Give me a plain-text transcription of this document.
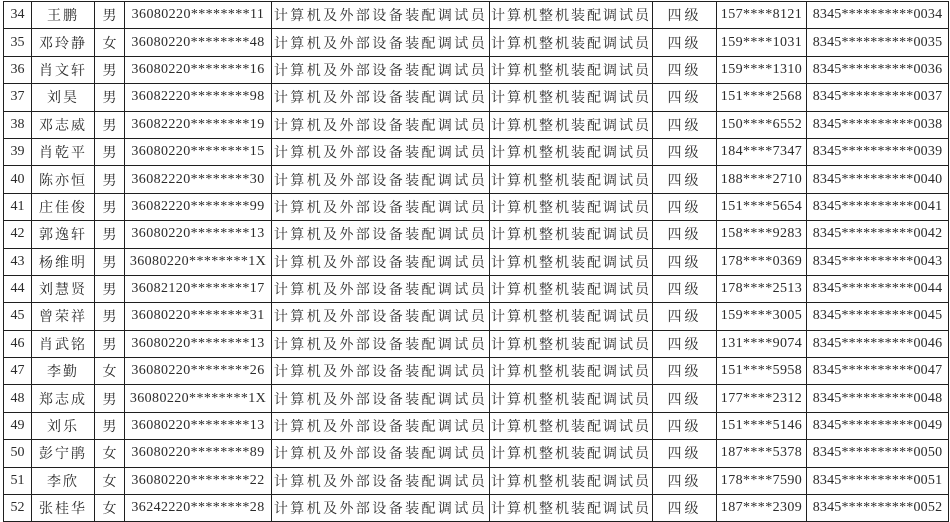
34	王鹏	男	36080220********11	计算机及外部设备装配调试员	计算机整机装配调试员	四级	157****8121	8345**********0034
35	邓玲静	女	36080220********48	计算机及外部设备装配调试员	计算机整机装配调试员	四级	159****1031	8345**********0035
36	肖文轩	男	36080220********16	计算机及外部设备装配调试员	计算机整机装配调试员	四级	159****1310	8345**********0036
37	刘昊	男	36082220********98	计算机及外部设备装配调试员	计算机整机装配调试员	四级	151****2568	8345**********0037
38	邓志威	男	36082220********19	计算机及外部设备装配调试员	计算机整机装配调试员	四级	150****6552	8345**********0038
39	肖乾平	男	36080220********15	计算机及外部设备装配调试员	计算机整机装配调试员	四级	184****7347	8345**********0039
40	陈亦恒	男	36082220********30	计算机及外部设备装配调试员	计算机整机装配调试员	四级	188****2710	8345**********0040
41	庄佳俊	男	36082220********99	计算机及外部设备装配调试员	计算机整机装配调试员	四级	151****5654	8345**********0041
42	郭逸轩	男	36080220********13	计算机及外部设备装配调试员	计算机整机装配调试员	四级	158****9283	8345**********0042
43	杨维明	男	36080220********1X	计算机及外部设备装配调试员	计算机整机装配调试员	四级	178****0369	8345**********0043
44	刘慧贤	男	36082120********17	计算机及外部设备装配调试员	计算机整机装配调试员	四级	178****2513	8345**********0044
45	曾荣祥	男	36080220********31	计算机及外部设备装配调试员	计算机整机装配调试员	四级	159****3005	8345**********0045
46	肖武铭	男	36080220********13	计算机及外部设备装配调试员	计算机整机装配调试员	四级	131****9074	8345**********0046
47	李勤	女	36080220********26	计算机及外部设备装配调试员	计算机整机装配调试员	四级	151****5958	8345**********0047
48	郑志成	男	36080220********1X	计算机及外部设备装配调试员	计算机整机装配调试员	四级	177****2312	8345**********0048
49	刘乐	男	36080220********13	计算机及外部设备装配调试员	计算机整机装配调试员	四级	151****5146	8345**********0049
50	彭宁鹃	女	36080220********89	计算机及外部设备装配调试员	计算机整机装配调试员	四级	187****5378	8345**********0050
51	李欣	女	36080220********22	计算机及外部设备装配调试员	计算机整机装配调试员	四级	178****7590	8345**********0051
52	张桂华	女	36242220********28	计算机及外部设备装配调试员	计算机整机装配调试员	四级	187****2309	8345**********0052
